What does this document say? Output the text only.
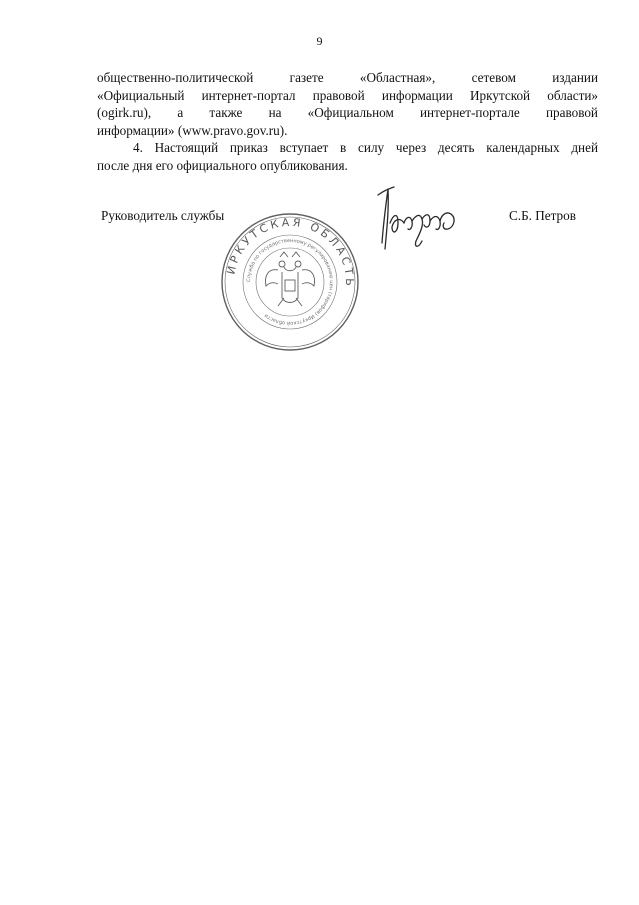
9

общественно-политической газете «Областная», сетевом издании
«Официальный интернет-портал правовой информации Иркутской области»
(ogirk.ru), а также на «Официальном интернет-портале правовой
информации» (www.pravo.gov.ru).

4. Настоящий приказ вступает в силу через десять календарных дней
после дня его официального опубликования.

Руководитель службы	С.Б. Петров
ИРКУТСКАЯ ОБЛАСТЬ
Служба по государственному регулированию цен (тарифов) Иркутской области
